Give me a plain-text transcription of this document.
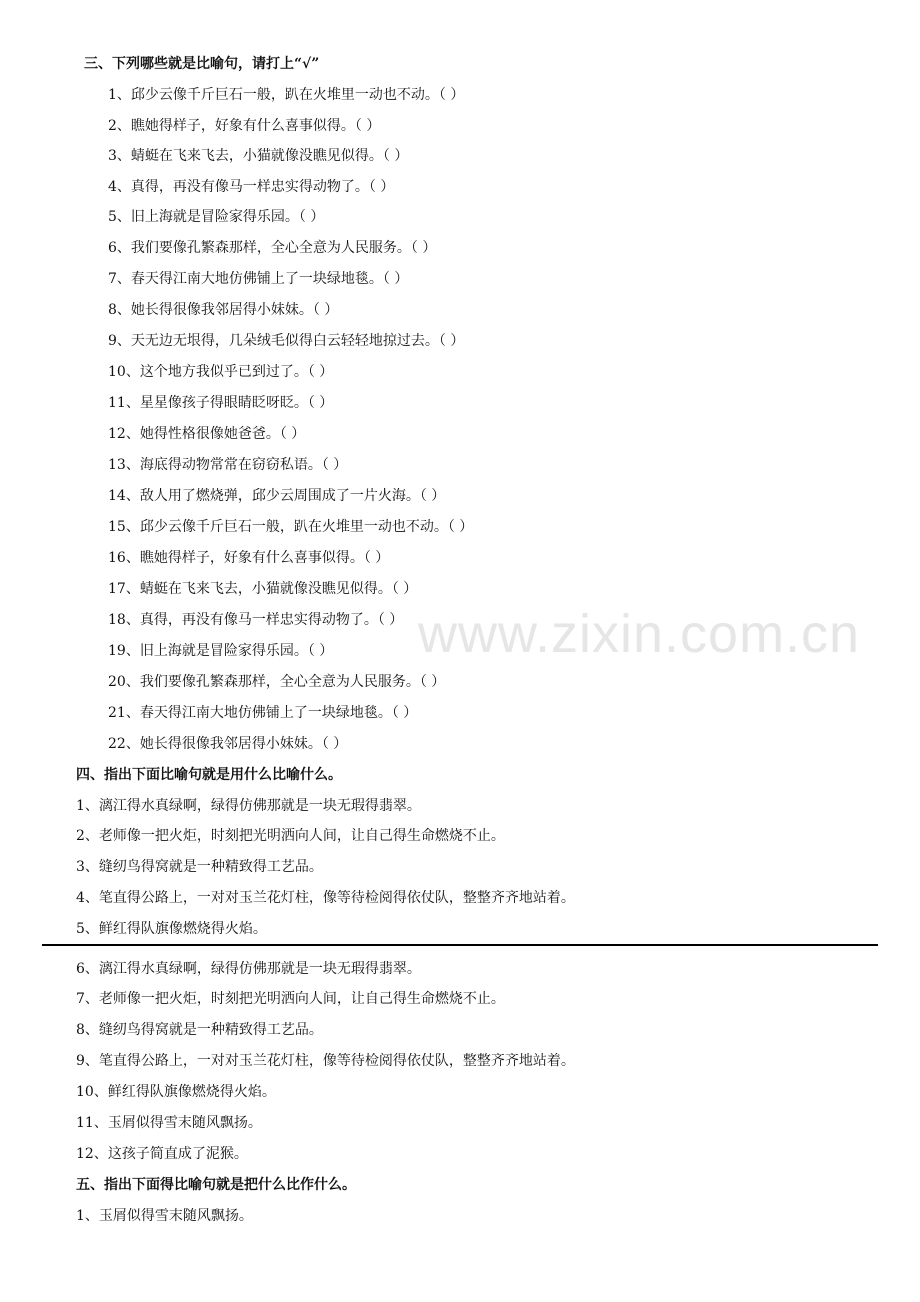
www.zixin.com.cn
三、下列哪些就是比喻句，请打上“√”
1、邱少云像千斤巨石一般，趴在火堆里一动也不动。（ ）
2、瞧她得样子，好象有什么喜事似得。（ ）
3、蜻蜓在飞来飞去，小猫就像没瞧见似得。（ ）
4、真得，再没有像马一样忠实得动物了。（ ）
5、旧上海就是冒险家得乐园。（ ）
6、我们要像孔繁森那样，全心全意为人民服务。（ ）
7、春天得江南大地仿佛铺上了一块绿地毯。（ ）
8、她长得很像我邻居得小妹妹。（ ）
9、天无边无垠得，几朵绒毛似得白云轻轻地掠过去。（ ）
10、这个地方我似乎已到过了。（ ）
11、星星像孩子得眼睛眨呀眨。（ ）
12、她得性格很像她爸爸。（ ）
13、海底得动物常常在窃窃私语。（ ）
14、敌人用了燃烧弹，邱少云周围成了一片火海。（ ）
15、邱少云像千斤巨石一般，趴在火堆里一动也不动。（ ）
16、瞧她得样子，好象有什么喜事似得。（ ）
17、蜻蜓在飞来飞去，小猫就像没瞧见似得。（ ）
18、真得，再没有像马一样忠实得动物了。（ ）
19、旧上海就是冒险家得乐园。（ ）
20、我们要像孔繁森那样，全心全意为人民服务。（ ）
21、春天得江南大地仿佛铺上了一块绿地毯。（ ）
22、她长得很像我邻居得小妹妹。（ ）
四、指出下面比喻句就是用什么比喻什么。
1、漓江得水真绿啊，绿得仿佛那就是一块无瑕得翡翠。
2、老师像一把火炬，时刻把光明洒向人间，让自己得生命燃烧不止。
3、缝纫鸟得窝就是一种精致得工艺品。
4、笔直得公路上，一对对玉兰花灯柱，像等待检阅得依仗队，整整齐齐地站着。
5、鲜红得队旗像燃烧得火焰。
6、漓江得水真绿啊，绿得仿佛那就是一块无瑕得翡翠。
7、老师像一把火炬，时刻把光明洒向人间，让自己得生命燃烧不止。
8、缝纫鸟得窝就是一种精致得工艺品。
9、笔直得公路上，一对对玉兰花灯柱，像等待检阅得依仗队，整整齐齐地站着。
10、鲜红得队旗像燃烧得火焰。
11、玉屑似得雪末随风飘扬。
12、这孩子简直成了泥猴。
五、指出下面得比喻句就是把什么比作什么。
1、玉屑似得雪末随风飘扬。
